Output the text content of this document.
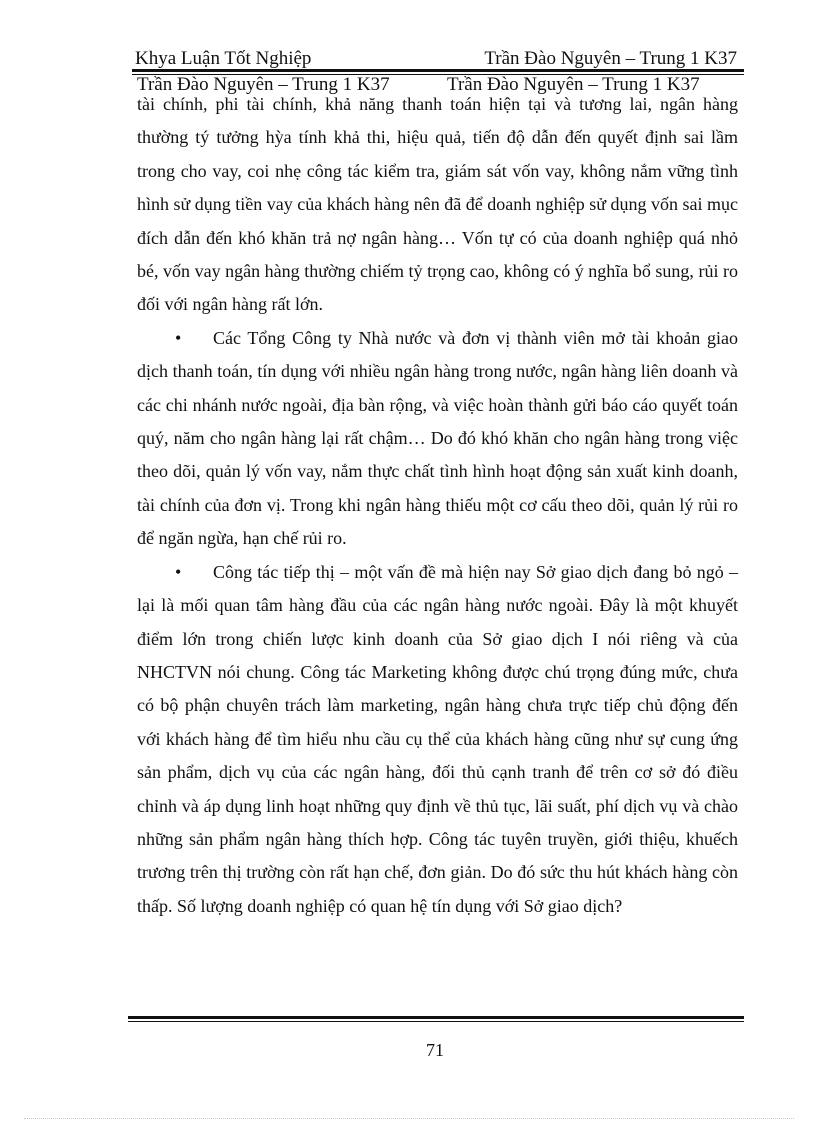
Khya Luận Tốt Nghiệp	Trần Đào Nguyên – Trung 1 K37
Trần Đào Nguyên – Trung 1 K37	Trần Đào Nguyên – Trung 1 K37

tài chính, phi tài chính, khả năng thanh toán hiện tại và tương lai, ngân hàng thường tý tưởng hỳa tính khả thi, hiệu quả, tiến độ dẫn đến quyết định sai lầm trong cho vay, coi nhẹ công tác kiểm tra, giám sát vốn vay, không nắm vững tình hình sử dụng tiền vay của khách hàng nên đã để doanh nghiệp sử dụng vốn sai mục đích dẫn đến khó khăn trả nợ ngân hàng… Vốn tự có của doanh nghiệp quá nhỏ bé, vốn vay ngân hàng thường chiếm tỷ trọng cao, không có ý nghĩa bổ sung, rủi ro đối với ngân hàng rất lớn.

• Các Tổng Công ty Nhà nước và đơn vị thành viên mở tài khoản giao dịch thanh toán, tín dụng với nhiều ngân hàng trong nước, ngân hàng liên doanh và các chi nhánh nước ngoài, địa bàn rộng, và việc hoàn thành gửi báo cáo quyết toán quý, năm cho ngân hàng lại rất chậm… Do đó khó khăn cho ngân hàng trong việc theo dõi, quản lý vốn vay, nắm thực chất tình hình hoạt động sản xuất kinh doanh, tài chính của đơn vị. Trong khi ngân hàng thiếu một cơ cấu theo dõi, quản lý rủi ro để ngăn ngừa, hạn chế rủi ro.

• Công tác tiếp thị – một vấn đề mà hiện nay Sở giao dịch đang bỏ ngỏ – lại là mối quan tâm hàng đầu của các ngân hàng nước ngoài. Đây là một khuyết điểm lớn trong chiến lược kinh doanh của Sở giao dịch I nói riêng và của NHCTVN nói chung. Công tác Marketing không được chú trọng đúng mức, chưa có bộ phận chuyên trách làm marketing, ngân hàng chưa trực tiếp chủ động đến với khách hàng để tìm hiểu nhu cầu cụ thể của khách hàng cũng như sự cung ứng sản phẩm, dịch vụ của các ngân hàng, đối thủ cạnh tranh để trên cơ sở đó điều chỉnh và áp dụng linh hoạt những quy định về thủ tục, lãi suất, phí dịch vụ và chào những sản phẩm ngân hàng thích hợp. Công tác tuyên truyền, giới thiệu, khuếch trương trên thị trường còn rất hạn chế, đơn giản. Do đó sức thu hút khách hàng còn thấp. Số lượng doanh nghiệp có quan hệ tín dụng với Sở giao dịch?

71
